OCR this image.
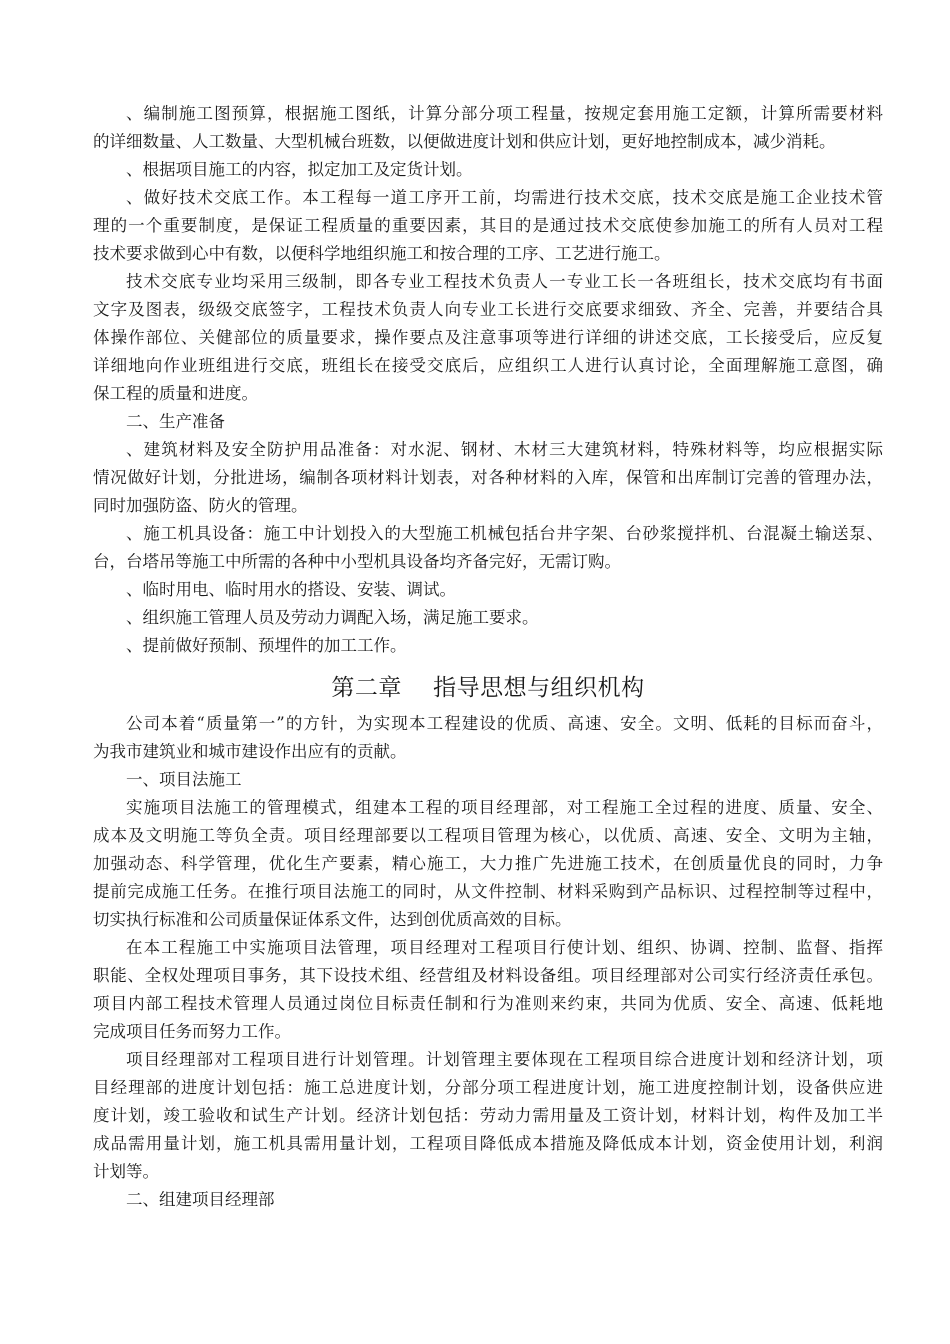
、编制施工图预算，根据施工图纸，计算分部分项工程量，按规定套用施工定额，计算所需要材料
的详细数量、人工数量、大型机械台班数，以便做进度计划和供应计划，更好地控制成本，减少消耗。
、根据项目施工的内容，拟定加工及定货计划。
、做好技术交底工作。本工程每一道工序开工前，均需进行技术交底，技术交底是施工企业技术管
理的一个重要制度，是保证工程质量的重要因素，其目的是通过技术交底使参加施工的所有人员对工程
技术要求做到心中有数，以便科学地组织施工和按合理的工序、工艺进行施工。
技术交底专业均采用三级制，即各专业工程技术负责人一专业工长一各班组长，技术交底均有书面
文字及图表，级级交底签字，工程技术负责人向专业工长进行交底要求细致、齐全、完善，并要结合具
体操作部位、关健部位的质量要求，操作要点及注意事项等进行详细的讲述交底，工长接受后，应反复
详细地向作业班组进行交底，班组长在接受交底后，应组织工人进行认真讨论，全面理解施工意图，确
保工程的质量和进度。
二、生产准备
、建筑材料及安全防护用品准备：对水泥、钢材、木材三大建筑材料，特殊材料等，均应根据实际
情况做好计划，分批进场，编制各项材料计划表，对各种材料的入库，保管和出库制订完善的管理办法，
同时加强防盗、防火的管理。
、施工机具设备：施工中计划投入的大型施工机械包括台井字架、台砂浆搅拌机、台混凝土输送泵、
台，台塔吊等施工中所需的各种中小型机具设备均齐备完好，无需订购。
、临时用电、临时用水的搭设、安装、调试。
、组织施工管理人员及劳动力调配入场，满足施工要求。
、提前做好预制、预埋件的加工工作。
第二章　 指导思想与组织机构
公司本着“质量第一”的方针，为实现本工程建设的优质、高速、安全。文明、低耗的目标而奋斗，
为我市建筑业和城市建设作出应有的贡献。
一、项目法施工
实施项目法施工的管理模式，组建本工程的项目经理部，对工程施工全过程的进度、质量、安全、
成本及文明施工等负全责。项目经理部要以工程项目管理为核心，以优质、高速、安全、文明为主轴，
加强动态、科学管理，优化生产要素，精心施工，大力推广先进施工技术，在创质量优良的同时，力争
提前完成施工任务。在推行项目法施工的同时，从文件控制、材料采购到产品标识、过程控制等过程中，
切实执行标准和公司质量保证体系文件，达到创优质高效的目标。
在本工程施工中实施项目法管理，项目经理对工程项目行使计划、组织、协调、控制、监督、指挥
职能、全权处理项目事务，其下设技术组、经营组及材料设备组。项目经理部对公司实行经济责任承包。
项目内部工程技术管理人员通过岗位目标责任制和行为准则来约束，共同为优质、安全、高速、低耗地
完成项目任务而努力工作。
项目经理部对工程项目进行计划管理。计划管理主要体现在工程项目综合进度计划和经济计划，项
目经理部的进度计划包括：施工总进度计划，分部分项工程进度计划，施工进度控制计划，设备供应进
度计划，竣工验收和试生产计划。经济计划包括：劳动力需用量及工资计划，材料计划，构件及加工半
成品需用量计划，施工机具需用量计划，工程项目降低成本措施及降低成本计划，资金使用计划，利润
计划等。
二、组建项目经理部
